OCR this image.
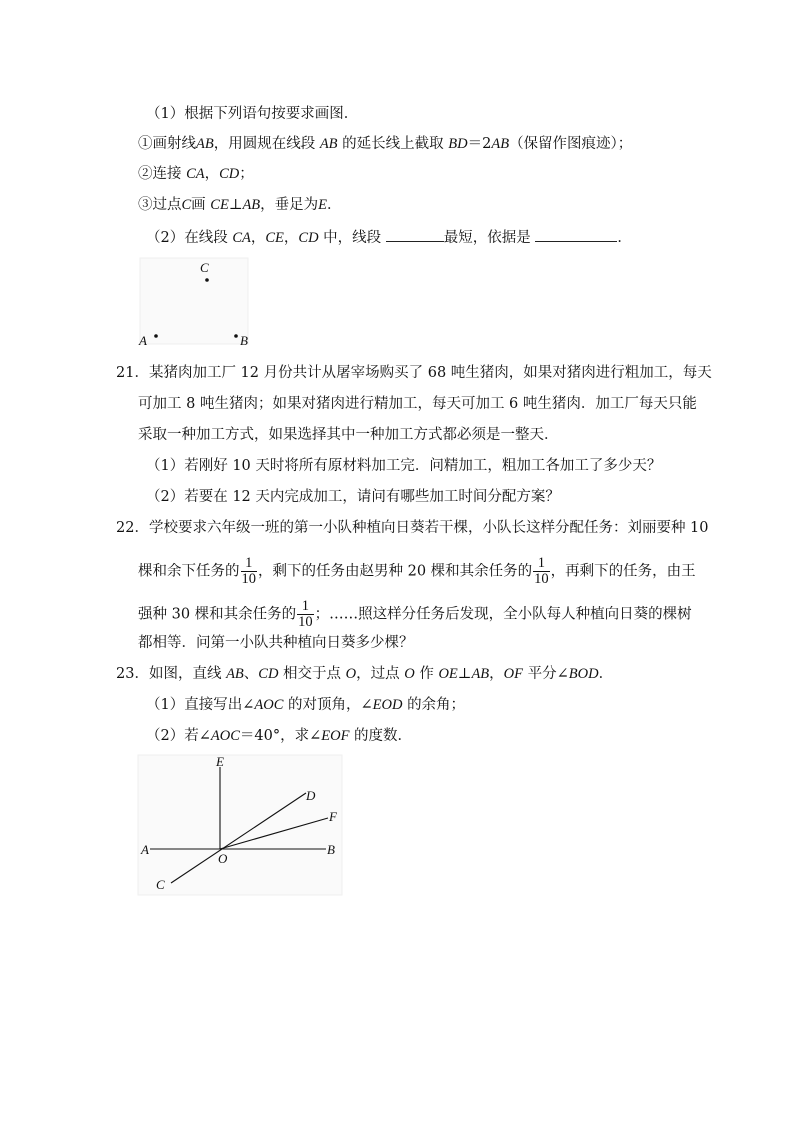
（1）根据下列语句按要求画图．
①画射线AB，用圆规在线段 AB 的延长线上截取 BD＝2AB（保留作图痕迹）；
②连接 CA，CD；
③过点C画 CE⊥AB，垂足为E．
（2）在线段 CA，CE，CD 中，线段	最短，依据是	．
C
A	B
21．某猪肉加工厂 12 月份共计从屠宰场购买了 68 吨生猪肉，如果对猪肉进行粗加工，每天
可加工 8 吨生猪肉；如果对猪肉进行精加工，每天可加工 6 吨生猪肉．加工厂每天只能
采取一种加工方式，如果选择其中一种加工方式都必须是一整天．
（1）若刚好 10 天时将所有原材料加工完．问精加工，粗加工各加工了多少天？
（2）若要在 12 天内完成加工，请问有哪些加工时间分配方案？
22．学校要求六年级一班的第一小队种植向日葵若干棵，小队长这样分配任务：刘丽要种 10
棵和余下任务的 $\frac{1}{10}$ ，剩下的任务由赵男种 20 棵和其余任务的 $\frac{1}{10}$ ，再剩下的任务，由王
强种 30 棵和其余任务的 $\frac{1}{10}$ ；……照这样分任务后发现，全小队每人种植向日葵的棵树
都相等．问第一小队共种植向日葵多少棵？
23．如图，直线 AB、CD 相交于点 O，过点 O 作 OE⊥AB，OF 平分∠BOD．
（1）直接写出∠AOC 的对顶角，∠EOD 的余角；
（2）若∠AOC＝40°，求∠EOF 的度数．
E
D
F
A
O
B
C
